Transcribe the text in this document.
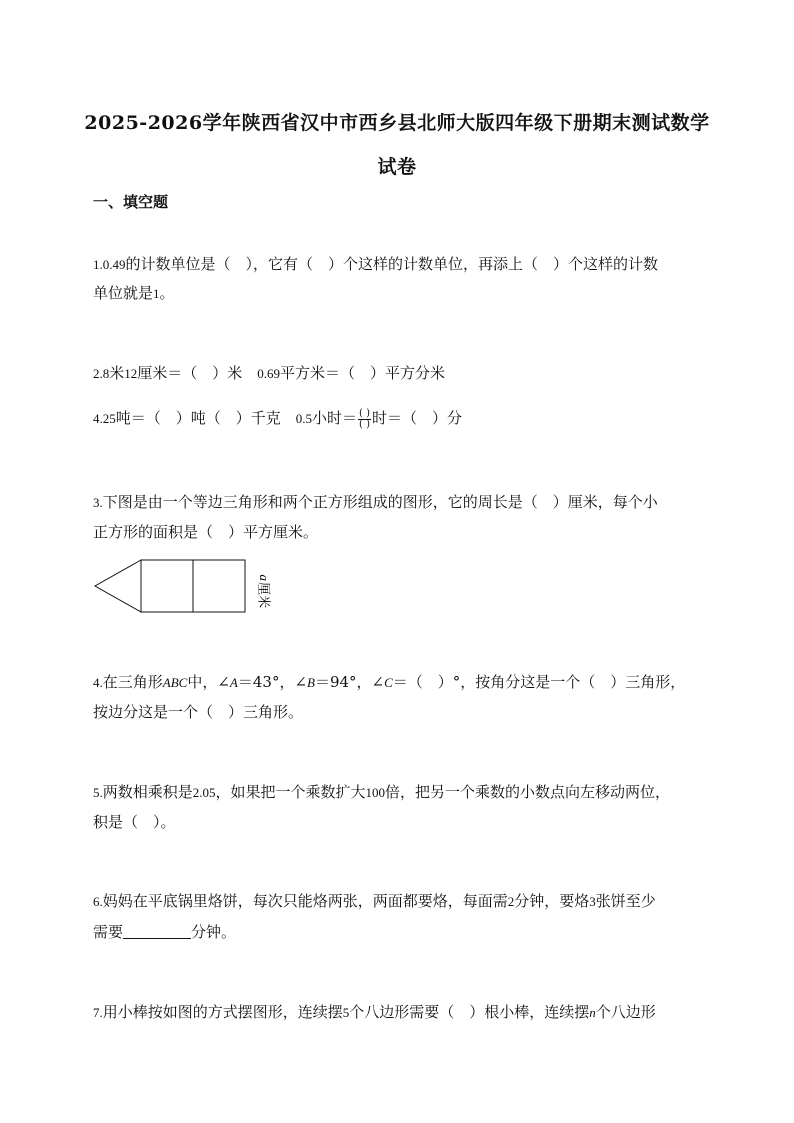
2025-2026学年陕西省汉中市西乡县北师大版四年级下册期末测试数学
试卷
一、填空题
1.0.49的计数单位是（　），它有（　）个这样的计数单位，再添上（　）个这样的计数
单位就是1。
2.8米12厘米＝（　）米　0.69平方米＝（　）平方分米
4.25吨＝（　）吨（　）千克　0.5小时＝ $\frac{( )}{( )}$ 时＝（　）分
3.下图是由一个等边三角形和两个正方形组成的图形，它的周长是（　）厘米，每个小
正方形的面积是（　）平方厘米。
a
厘米
4.在三角形ABC中，∠A＝43°，∠B＝94°，∠C＝（　）°，按角分这是一个（　）三角形，
按边分这是一个（　）三角形。
5.两数相乘积是2.05，如果把一个乘数扩大100倍，把另一个乘数的小数点向左移动两位，
积是（　）。
6.妈妈在平底锅里烙饼，每次只能烙两张，两面都要烙，每面需2分钟，要烙3张饼至少
需要	分钟。
7.用小棒按如图的方式摆图形，连续摆5个八边形需要（　）根小棒，连续摆n个八边形
